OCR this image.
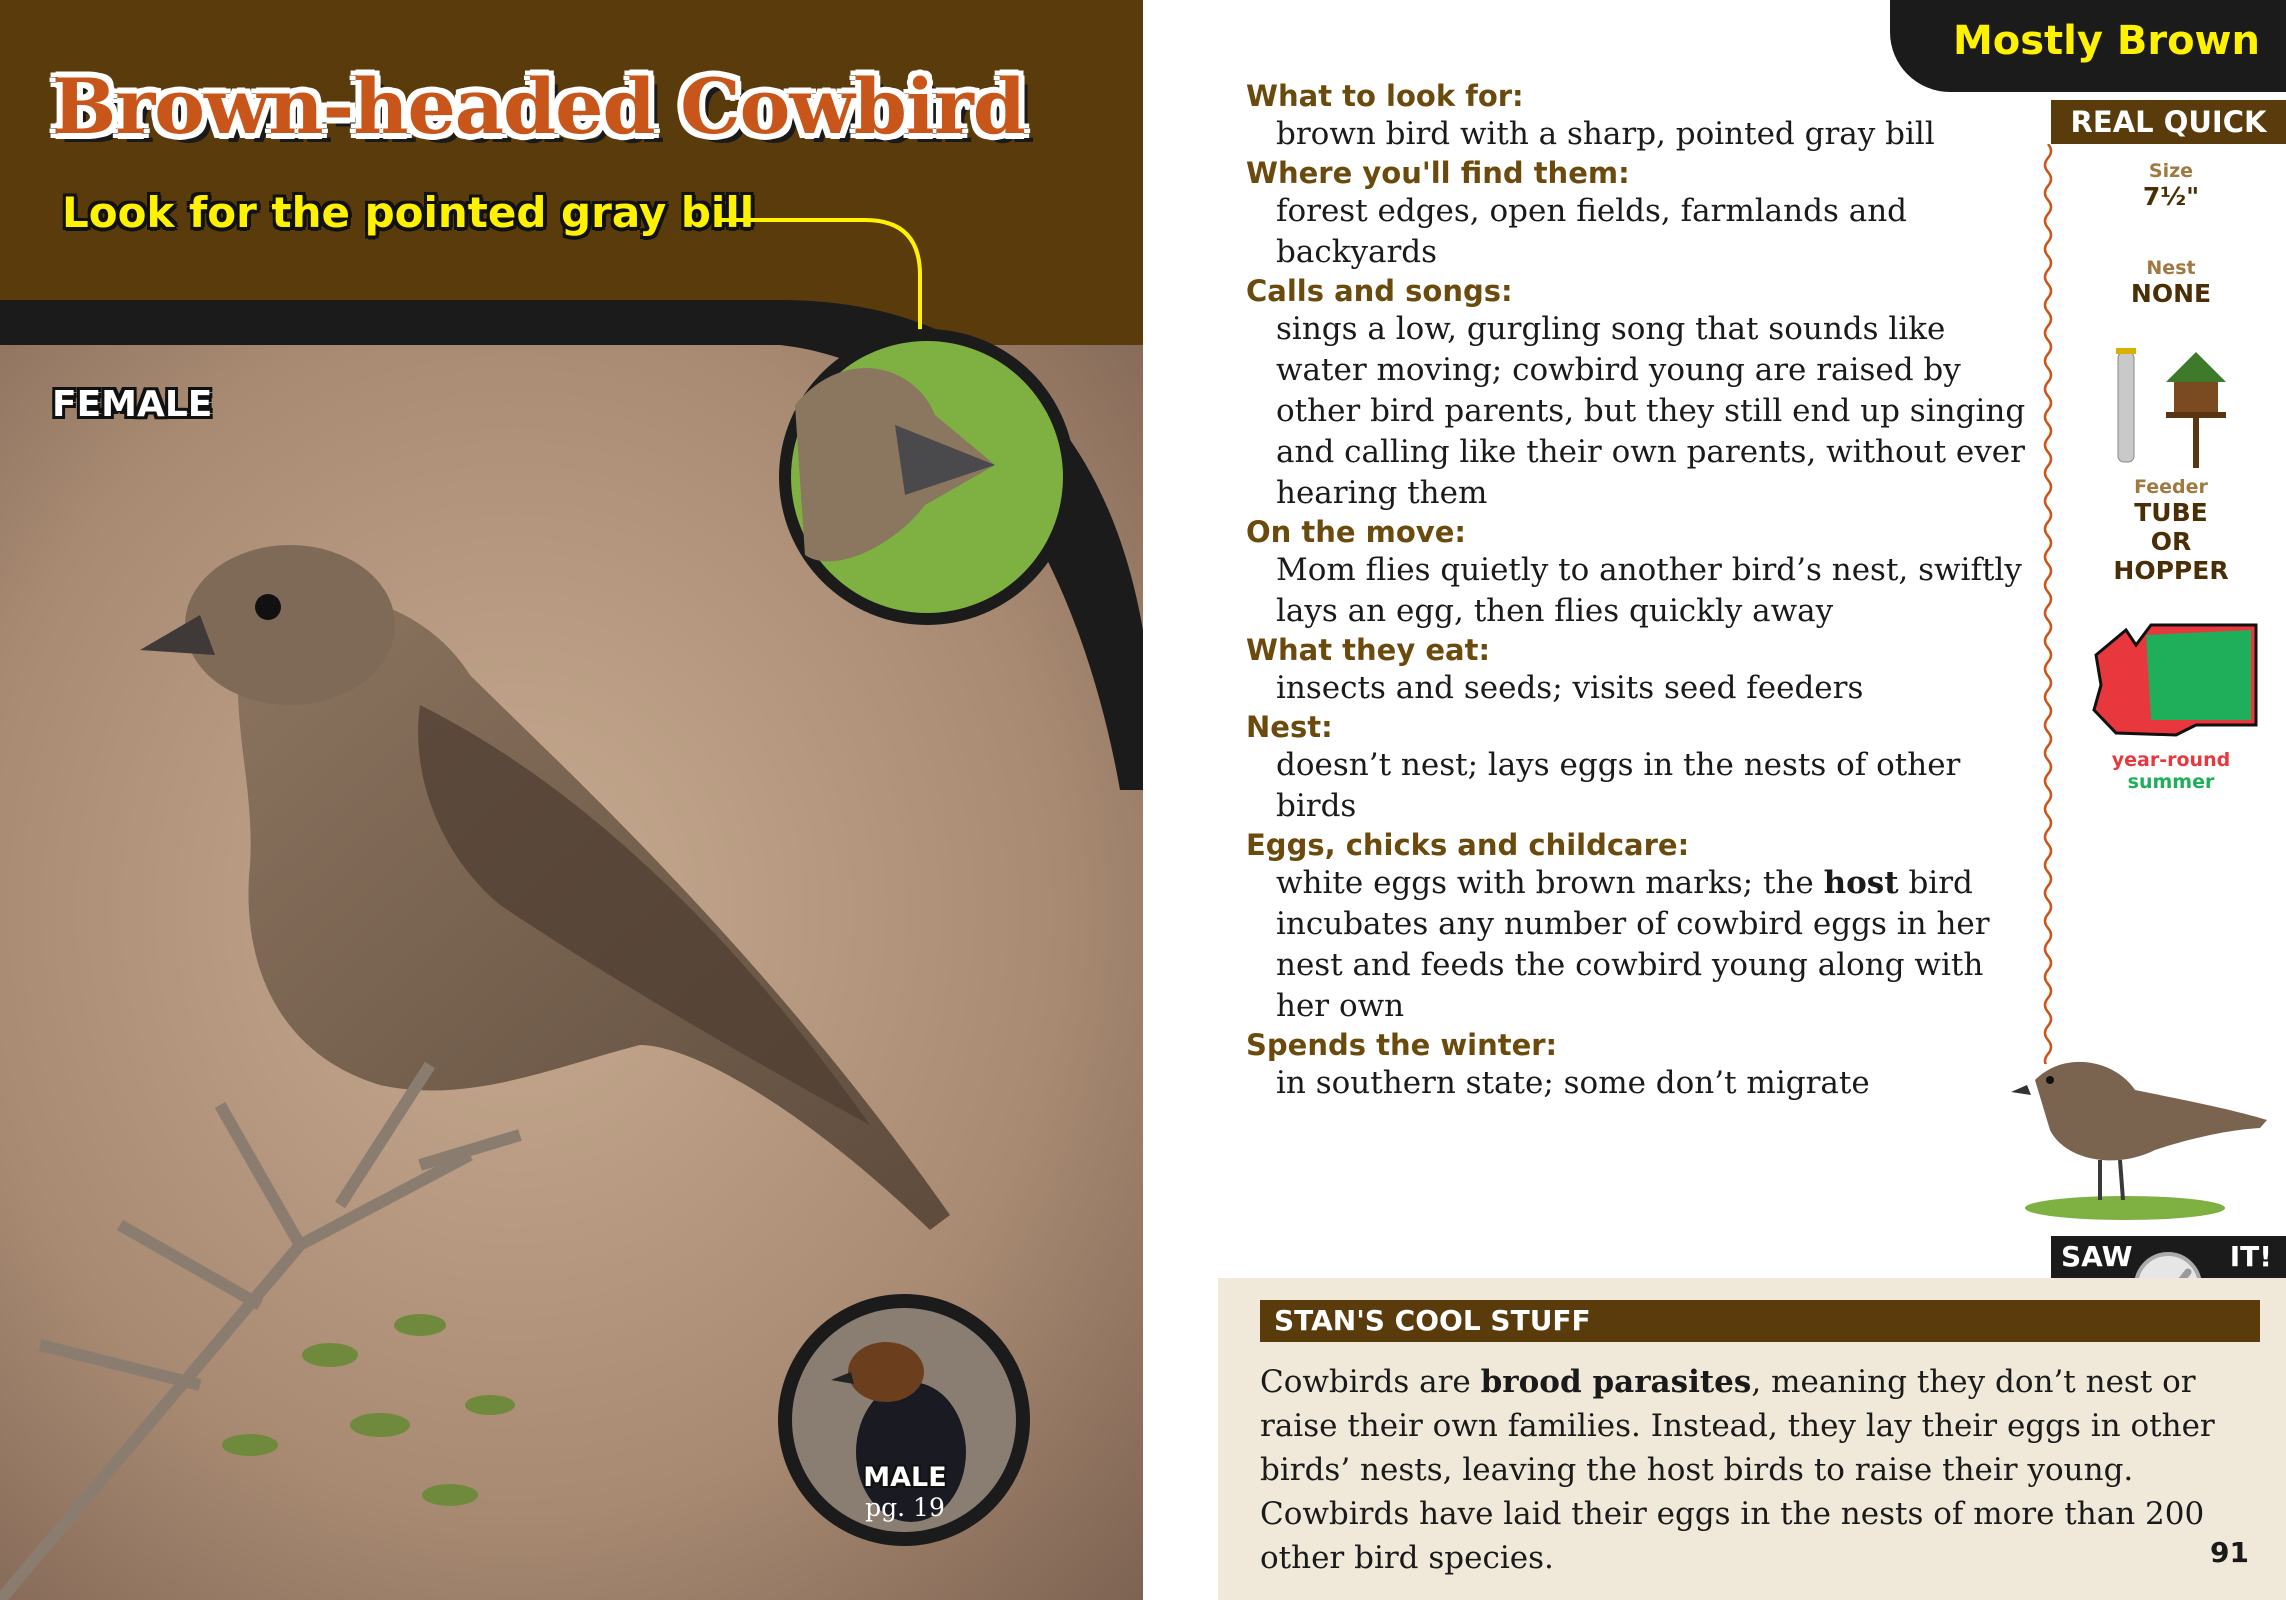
Brown-headed Cowbird
Look for the pointed gray bill
FEMALE
MALE
pg. 19
Mostly Brown
REAL QUICK
Size
7½"
Nest
NONE
Feeder
TUBE OR HOPPER
year-round
summer
What to look for:
brown bird with a sharp, pointed gray bill
Where you'll find them:
forest edges, open fields, farmlands and backyards
Calls and songs:
sings a low, gurgling song that sounds like water moving; cowbird young are raised by other bird parents, but they still end up singing and calling like their own parents, without ever hearing them
On the move:
Mom flies quietly to another bird’s nest, swiftly lays an egg, then flies quickly away
What they eat:
insects and seeds; visits seed feeders
Nest:
doesn’t nest; lays eggs in the nests of other birds
Eggs, chicks and childcare:
white eggs with brown marks; the host bird incubates any number of cowbird eggs in her nest and feeds the cowbird young along with her own
Spends the winter:
in southern state; some don’t migrate
SAW	IT!
STAN'S COOL STUFF
Cowbirds are brood parasites, meaning they don’t nest or raise their own families. Instead, they lay their eggs in other birds’ nests, leaving the host birds to raise their young. Cowbirds have laid their eggs in the nests of more than 200 other bird species.	91
